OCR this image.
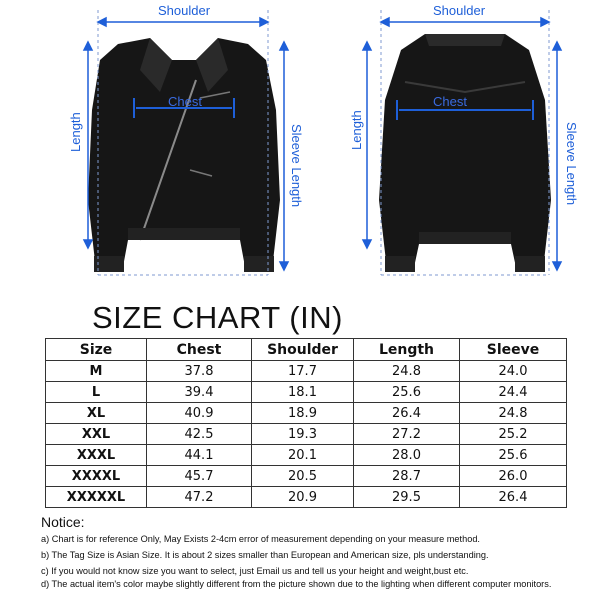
Shoulder
Chest
Length	Sleeve Length
Shoulder
Chest
Length	Sleeve Length
SIZE CHART (IN)
Size	Chest	Shoulder	Length	Sleeve
M	37.8	17.7	24.8	24.0
L	39.4	18.1	25.6	24.4
XL	40.9	18.9	26.4	24.8
XXL	42.5	19.3	27.2	25.2
XXXL	44.1	20.1	28.0	25.6
XXXXL	45.7	20.5	28.7	26.0
XXXXXL	47.2	20.9	29.5	26.4
Notice:
a) Chart is for reference Only, May Exists 2-4cm error of measurement depending on your measure method.
b) The Tag Size is Asian Size. It is about 2 sizes smaller than European and American size, pls understanding.
c) If you would not know size you want to select, just Email us and tell us your height and weight,bust etc.
d) The actual item's color maybe slightly different from the picture shown due to the lighting when different computer monitors.
